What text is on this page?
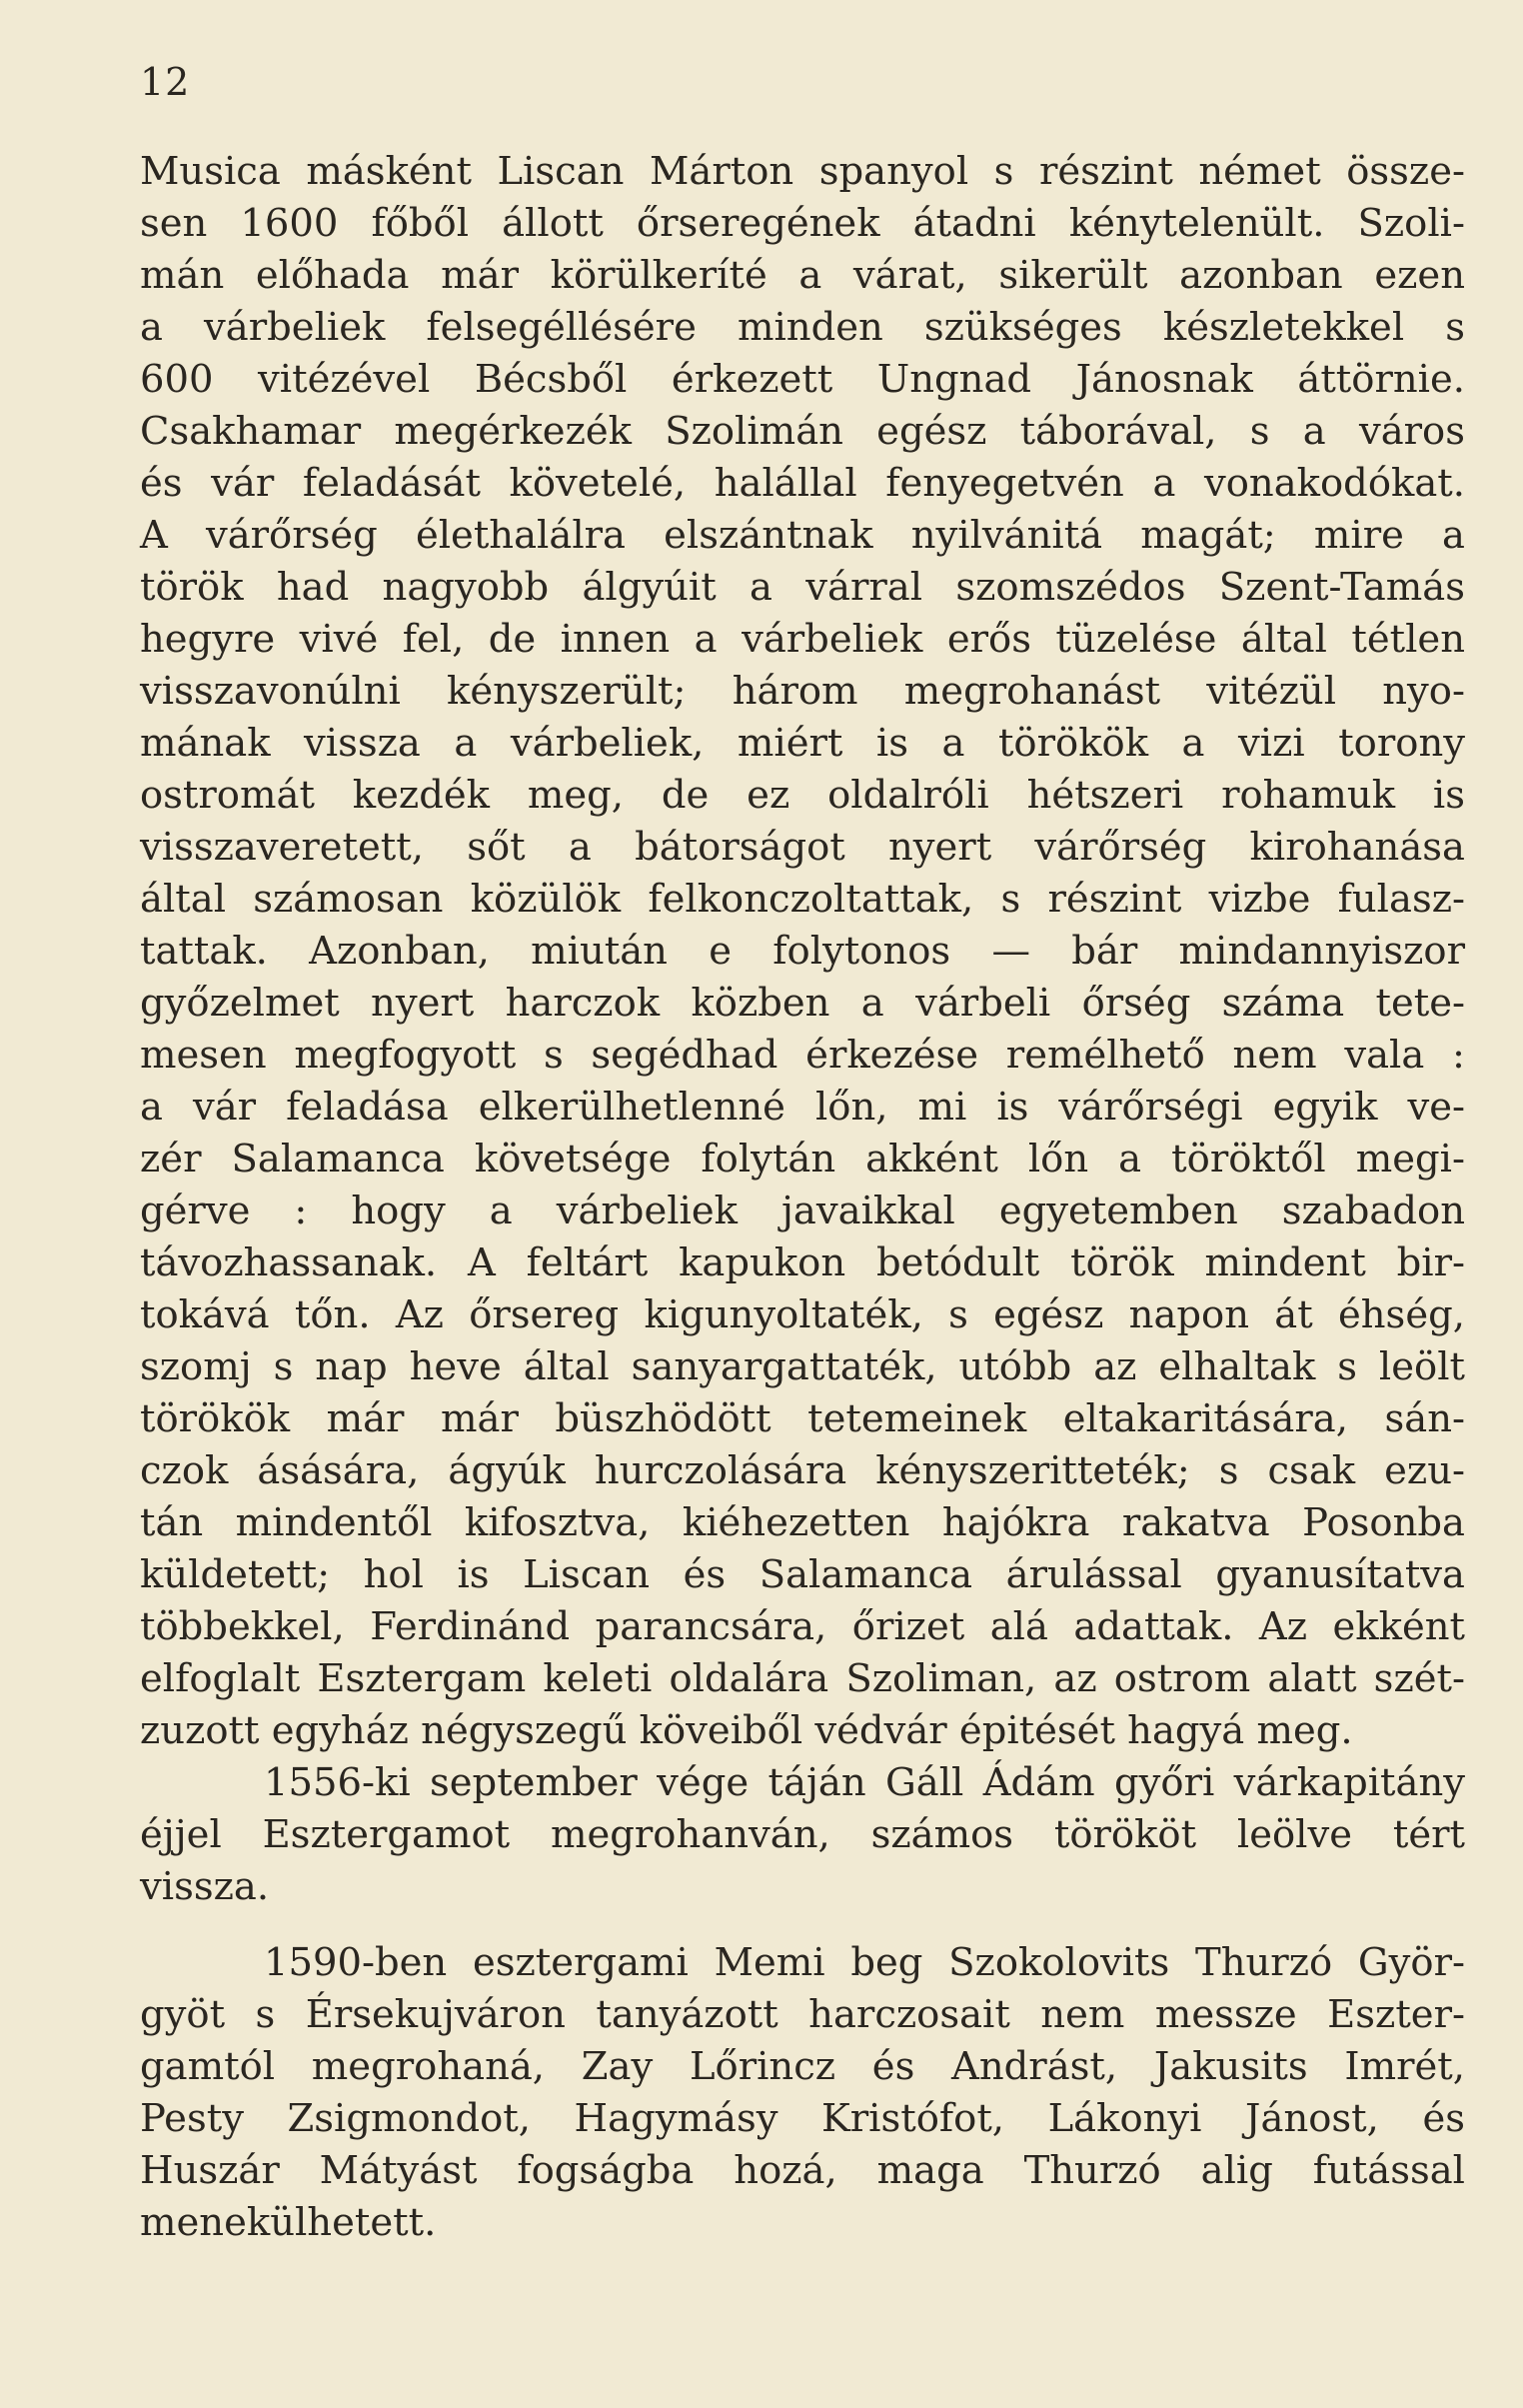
12
Musica másként Liscan Márton spanyol s részint német össze-
sen 1600 főből állott őrseregének átadni kénytelenült. Szoli-
mán előhada már körülkeríté a várat, sikerült azonban ezen
a várbeliek felsegéllésére minden szükséges készletekkel s
600 vitézével Bécsből érkezett Ungnad Jánosnak áttörnie.
Csakhamar megérkezék Szolimán egész táborával, s a város
és vár feladását követelé, halállal fenyegetvén a vonakodókat.
A várőrség élethalálra elszántnak nyilvánitá magát; mire a
török had nagyobb álgyúit a várral szomszédos Szent-Tamás
hegyre vivé fel, de innen a várbeliek erős tüzelése által tétlen
visszavonúlni kényszerült; három megrohanást vitézül nyo-
mának vissza a várbeliek, miért is a törökök a vizi torony
ostromát kezdék meg, de ez oldalróli hétszeri rohamuk is
visszaveretett, sőt a bátorságot nyert várőrség kirohanása
által számosan közülök felkonczoltattak, s részint vizbe fulasz-
tattak. Azonban, miután e folytonos — bár mindannyiszor
győzelmet nyert harczok közben a várbeli őrség száma tete-
mesen megfogyott s segédhad érkezése remélhető nem vala :
a vár feladása elkerülhetlenné lőn, mi is várőrségi egyik ve-
zér Salamanca követsége folytán akként lőn a töröktől megi-
gérve : hogy a várbeliek javaikkal egyetemben szabadon
távozhassanak. A feltárt kapukon betódult török mindent bir-
tokává tőn. Az őrsereg kigunyoltaték, s egész napon át éhség,
szomj s nap heve által sanyargattaték, utóbb az elhaltak s leölt
törökök már már büszhödött tetemeinek eltakaritására, sán-
czok ásására, ágyúk hurczolására kényszeritteték; s csak ezu-
tán mindentől kifosztva, kiéhezetten hajókra rakatva Posonba
küldetett; hol is Liscan és Salamanca árulással gyanusítatva
többekkel, Ferdinánd parancsára, őrizet alá adattak. Az ekként
elfoglalt Esztergam keleti oldalára Szoliman, az ostrom alatt szét-
zuzott egyház négyszegű köveiből védvár épitését hagyá meg.
1556-ki september vége táján Gáll Ádám győri várkapitány
éjjel Esztergamot megrohanván, számos törököt leölve tért
vissza.
1590-ben esztergami Memi beg Szokolovits Thurzó Györ-
gyöt s Érsekujváron tanyázott harczosait nem messze Eszter-
gamtól megrohaná, Zay Lőrincz és Andrást, Jakusits Imrét,
Pesty Zsigmondot, Hagymásy Kristófot, Lákonyi Jánost, és
Huszár Mátyást fogságba hozá, maga Thurzó alig futással
menekülhetett.
